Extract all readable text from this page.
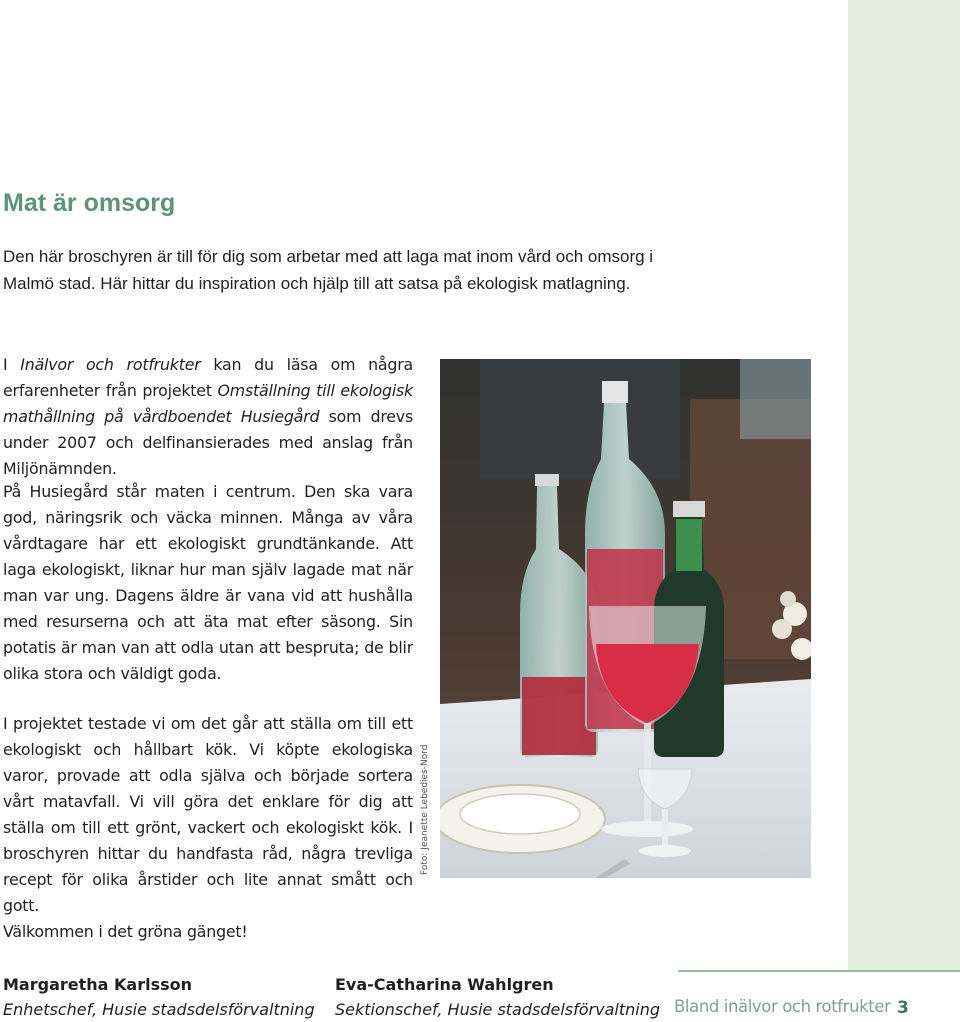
Mat är omsorg

Den här broschyren är till för dig som arbetar med att laga mat inom vård och omsorg i Malmö stad. Här hittar du inspiration och hjälp till att satsa på ekologisk matlagning.

I Inälvor och rotfrukter kan du läsa om några erfarenheter från projektet Omställning till ekologisk mathållning på vårdboendet Husiegård som drevs under 2007 och delfinansierades med anslag från Miljönämnden.

På Husiegård står maten i centrum. Den ska vara god, näringsrik och väcka minnen. Många av våra vårdtagare har ett ekologiskt grundtänkande. Att laga ekologiskt, liknar hur man själv lagade mat när man var ung. Dagens äldre är vana vid att hushålla med resurserna och att äta mat efter säsong. Sin potatis är man van att odla utan att bespruta; de blir olika stora och väldigt goda.

I projektet testade vi om det går att ställa om till ett ekologiskt och hållbart kök. Vi köpte ekologiska varor, provade att odla själva och började sortera vårt matavfall. Vi vill göra det enklare för dig att ställa om till ett grönt, vackert och ekologiskt kök. I broschyren hittar du handfasta råd, några trevliga recept för olika årstider och lite annat smått och gott.

Välkommen i det gröna gänget!

Margaretha Karlsson
Enhetschef, Husie stadsdelsförvaltning
Eva-Catharina Wahlgren
Sektionschef, Husie stadsdelsförvaltning Bland inälvor och rotfrukter 3
Foto: Jeanette Lebedies-Nord
